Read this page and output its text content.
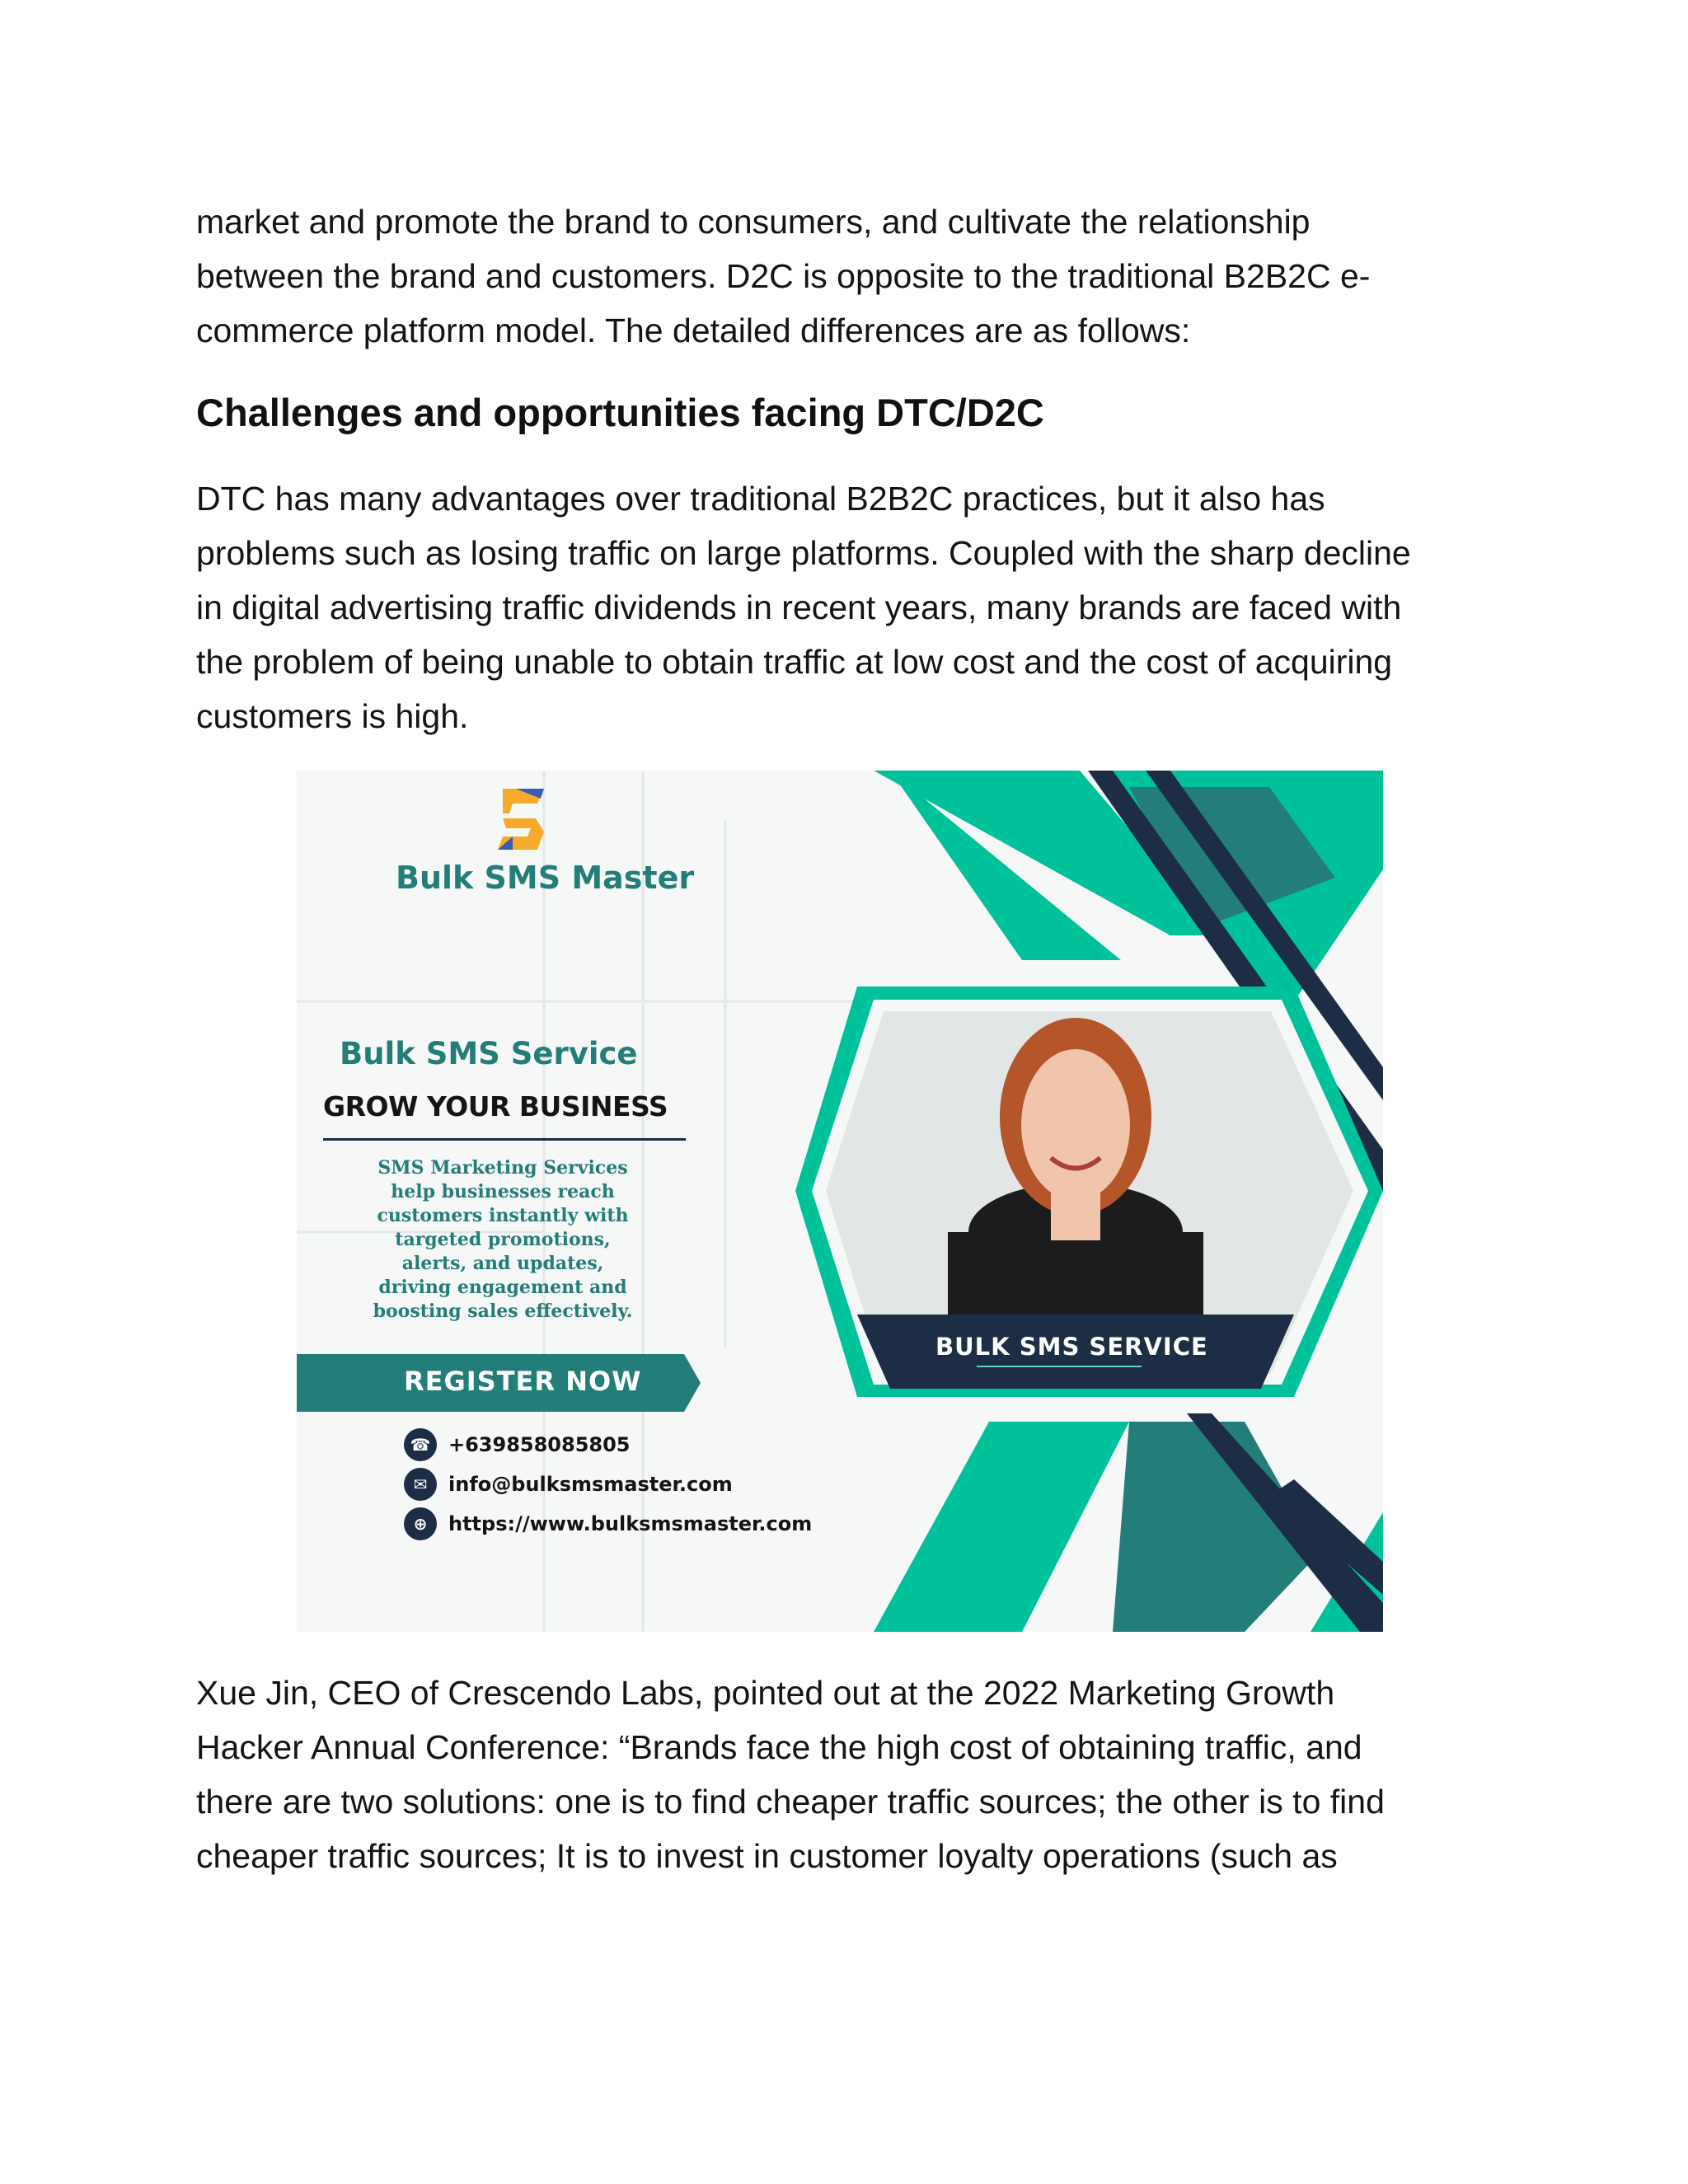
market and promote the brand to consumers, and cultivate the relationship
between the brand and customers. D2C is opposite to the traditional B2B2C e-
commerce platform model. The detailed differences are as follows:
Challenges and opportunities facing DTC/D2C
DTC has many advantages over traditional B2B2C practices, but it also has
problems such as losing traffic on large platforms. Coupled with the sharp decline
in digital advertising traffic dividends in recent years, many brands are faced with
the problem of being unable to obtain traffic at low cost and the cost of acquiring
customers is high.
Bulk SMS Master
Bulk SMS Service
GROW YOUR BUSINESS
SMS Marketing Services
help businesses reach
customers instantly with
targeted promotions,
alerts, and updates,
driving engagement and
boosting sales effectively.
REGISTER NOW
☎ +639858085805
✉	info@bulksmsmaster.com
⊕	https://www.bulksmsmaster.com
BULK SMS SERVICE
Xue Jin, CEO of Crescendo Labs, pointed out at the 2022 Marketing Growth
Hacker Annual Conference: “Brands face the high cost of obtaining traffic, and
there are two solutions: one is to find cheaper traffic sources; the other is to find
cheaper traffic sources; It is to invest in customer loyalty operations (such as
